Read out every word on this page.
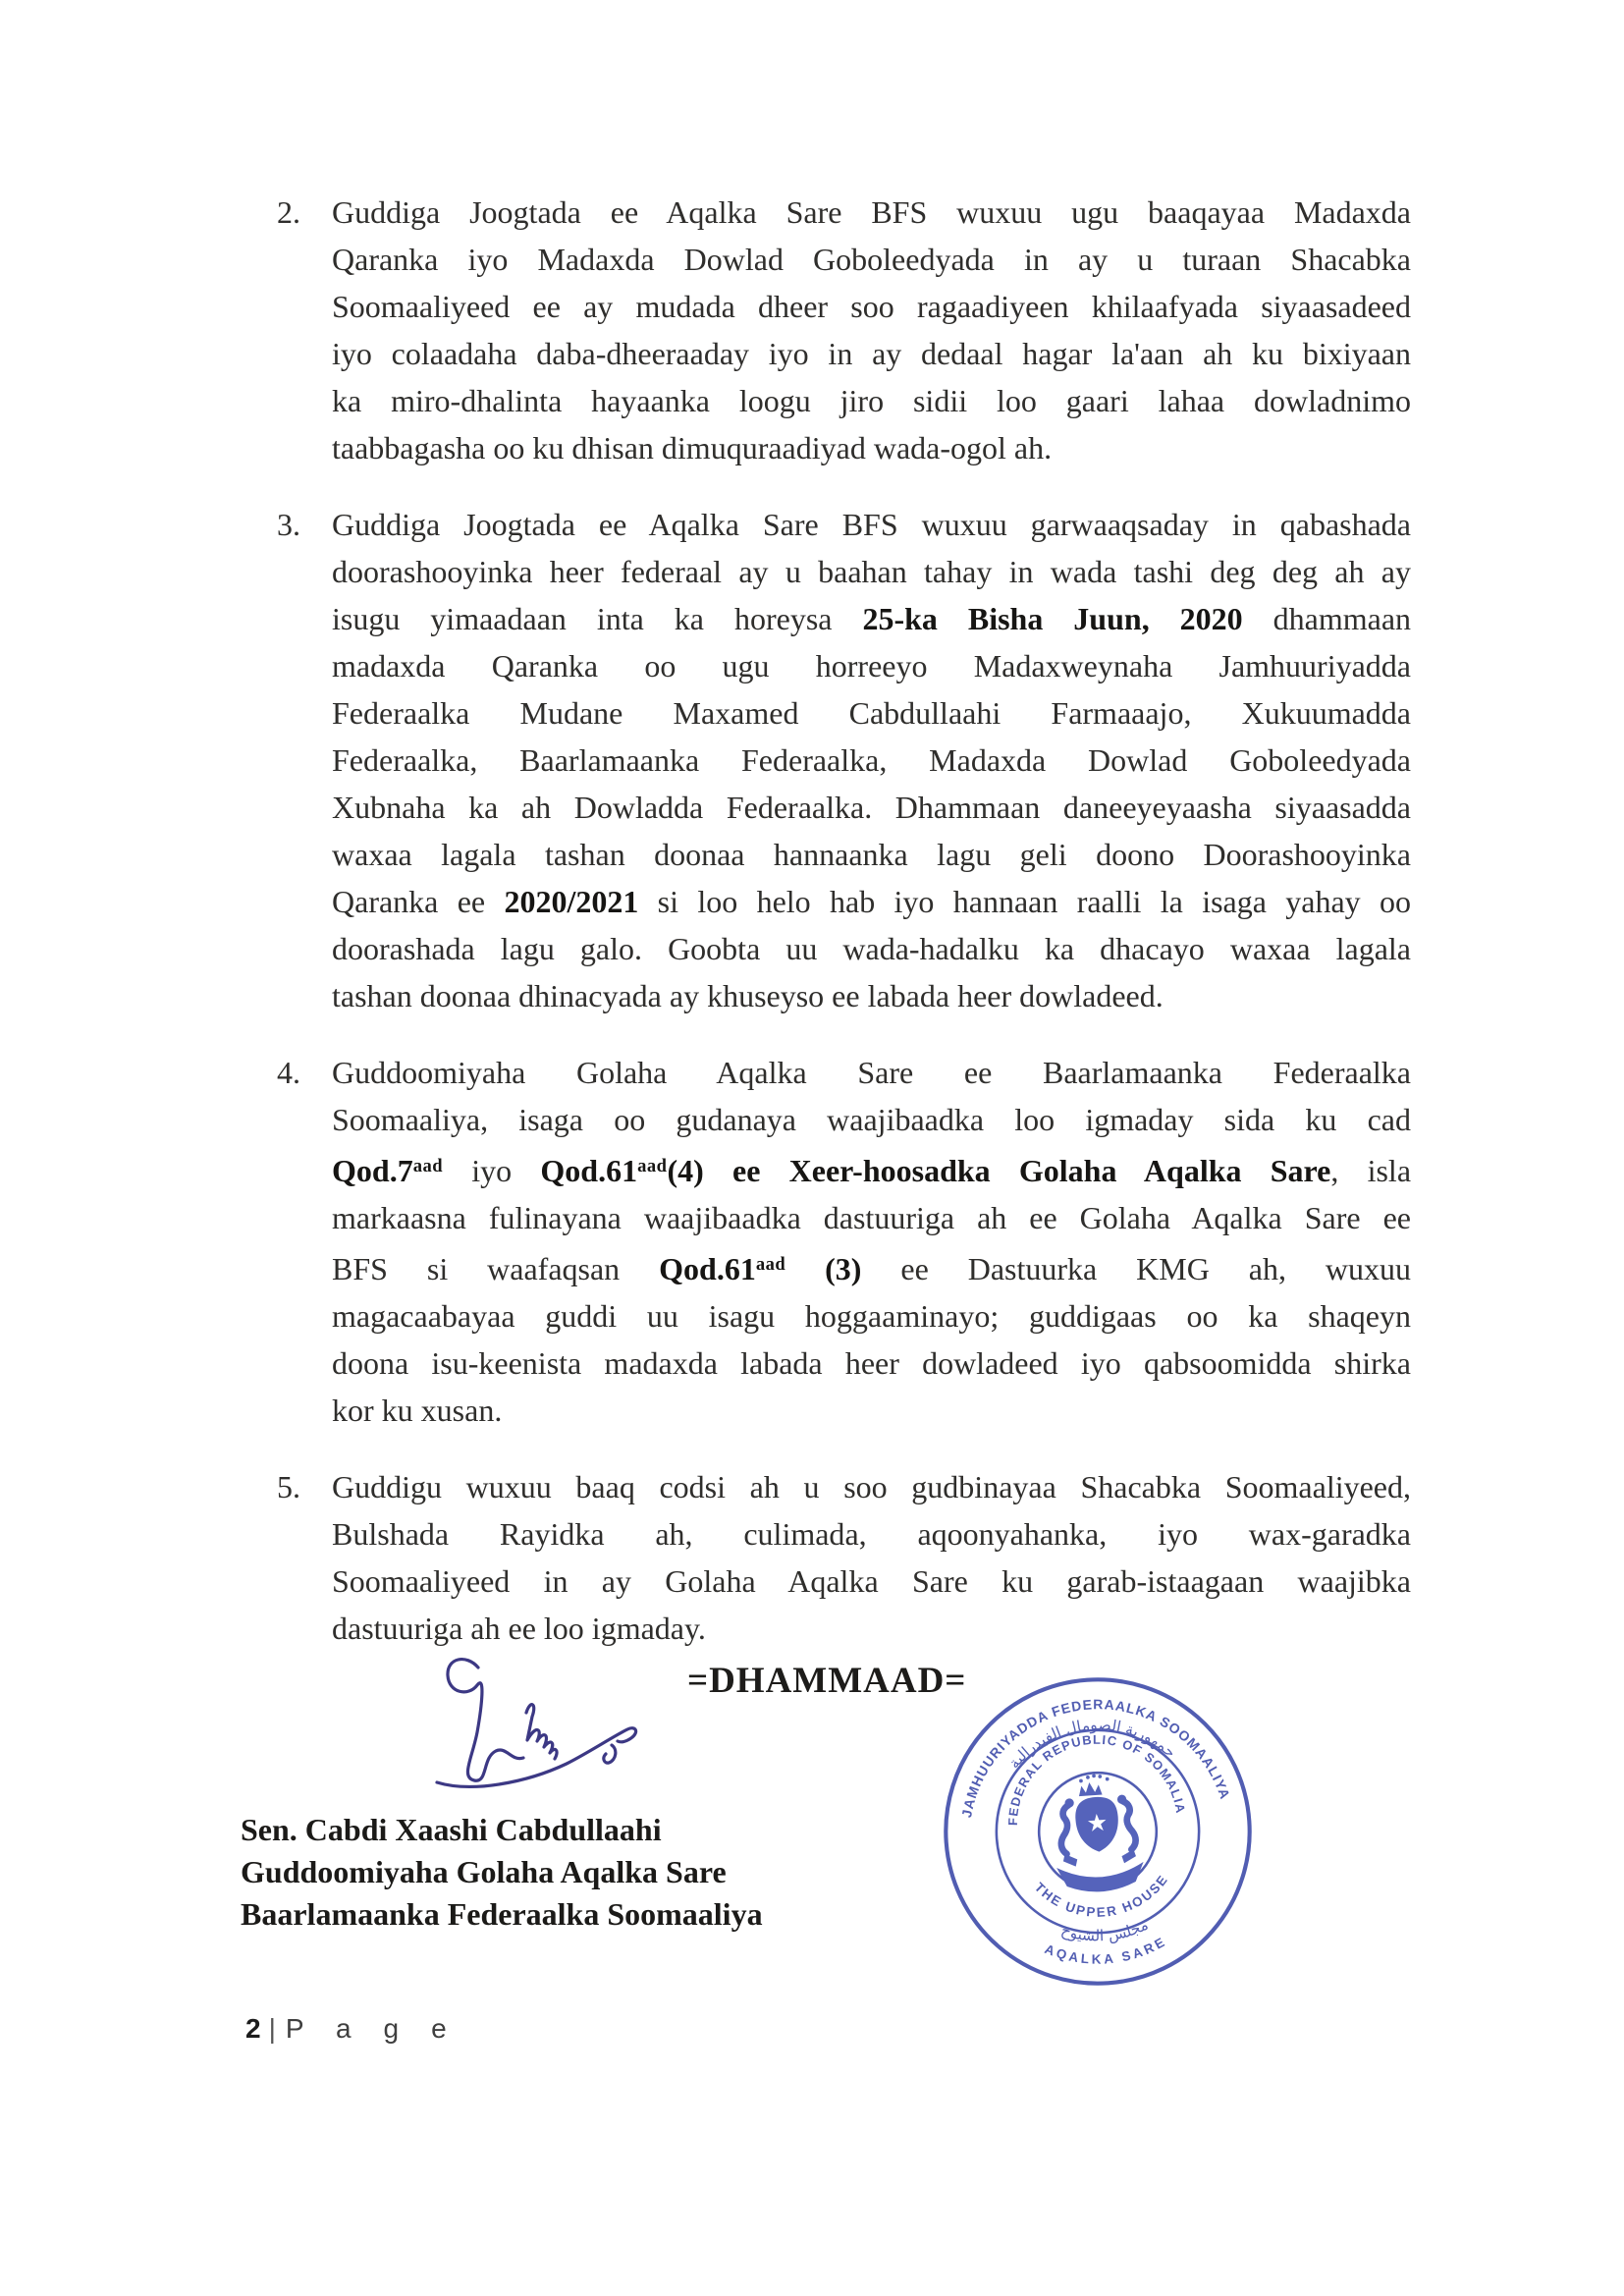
2.	Guddiga Joogtada ee Aqalka Sare BFS wuxuu ugu baaqayaa Madaxda
Qaranka iyo Madaxda Dowlad Goboleedyada in ay u turaan Shacabka
Soomaaliyeed ee ay mudada dheer soo ragaadiyeen khilaafyada siyaasadeed
iyo colaadaha daba-dheeraaday iyo in ay dedaal hagar la'aan ah ku bixiyaan
ka miro-dhalinta hayaanka loogu jiro sidii loo gaari lahaa dowladnimo
taabbagasha oo ku dhisan dimuquraadiyad wada-ogol ah.
3.	Guddiga Joogtada ee Aqalka Sare BFS wuxuu garwaaqsaday in qabashada
doorashooyinka heer federaal ay u baahan tahay in wada tashi deg deg ah ay
isugu yimaadaan inta ka horeysa 25-ka Bisha Juun, 2020 dhammaan
madaxda Qaranka oo ugu horreeyo Madaxweynaha Jamhuuriyadda
Federaalka Mudane Maxamed Cabdullaahi Farmaaajo, Xukuumadda
Federaalka, Baarlamaanka Federaalka, Madaxda Dowlad Goboleedyada
Xubnaha ka ah Dowladda Federaalka. Dhammaan daneeyeyaasha siyaasadda
waxaa lagala tashan doonaa hannaanka lagu geli doono Doorashooyinka
Qaranka ee 2020/2021 si loo helo hab iyo hannaan raalli la isaga yahay oo
doorashada lagu galo. Goobta uu wada-hadalku ka dhacayo waxaa lagala
tashan doonaa dhinacyada ay khuseyso ee labada heer dowladeed.
4.	Guddoomiyaha Golaha Aqalka Sare ee Baarlamaanka Federaalka
Soomaaliya, isaga oo gudanaya waajibaadka loo igmaday sida ku cad
Qod.7$^{aad}$ iyo Qod.61$^{aad}$(4) ee Xeer-hoosadka Golaha Aqalka Sare, isla
markaasna fulinayana waajibaadka dastuuriga ah ee Golaha Aqalka Sare ee
BFS si waafaqsan Qod.61$^{aad}$ (3) ee Dastuurka KMG ah, wuxuu
magacaabayaa guddi uu isagu hoggaaminayo; guddigaas oo ka shaqeyn
doona isu-keenista madaxda labada heer dowladeed iyo qabsoomidda shirka
kor ku xusan.
5.	Guddigu wuxuu baaq codsi ah u soo gudbinayaa Shacabka Soomaaliyeed,
Bulshada Rayidka ah, culimada, aqoonyahanka, iyo wax-garadka
Soomaaliyeed in ay Golaha Aqalka Sare ku garab-istaagaan waajibka
dastuuriga ah ee loo igmaday.
=DHAMMAAD=
JAMHUURIYADDA FEDERAALKA SOOMAALIYA
جمهورية الصومال الفيدرالية
FEDERAL REPUBLIC OF SOMALIA
THE UPPER HOUSE
مجلس الشيوخ
AQALKA SARE
Sen. Cabdi Xaashi Cabdullaahi
Guddoomiyaha Golaha Aqalka Sare
Baarlamaanka Federaalka Soomaaliya
2 | P a g e
